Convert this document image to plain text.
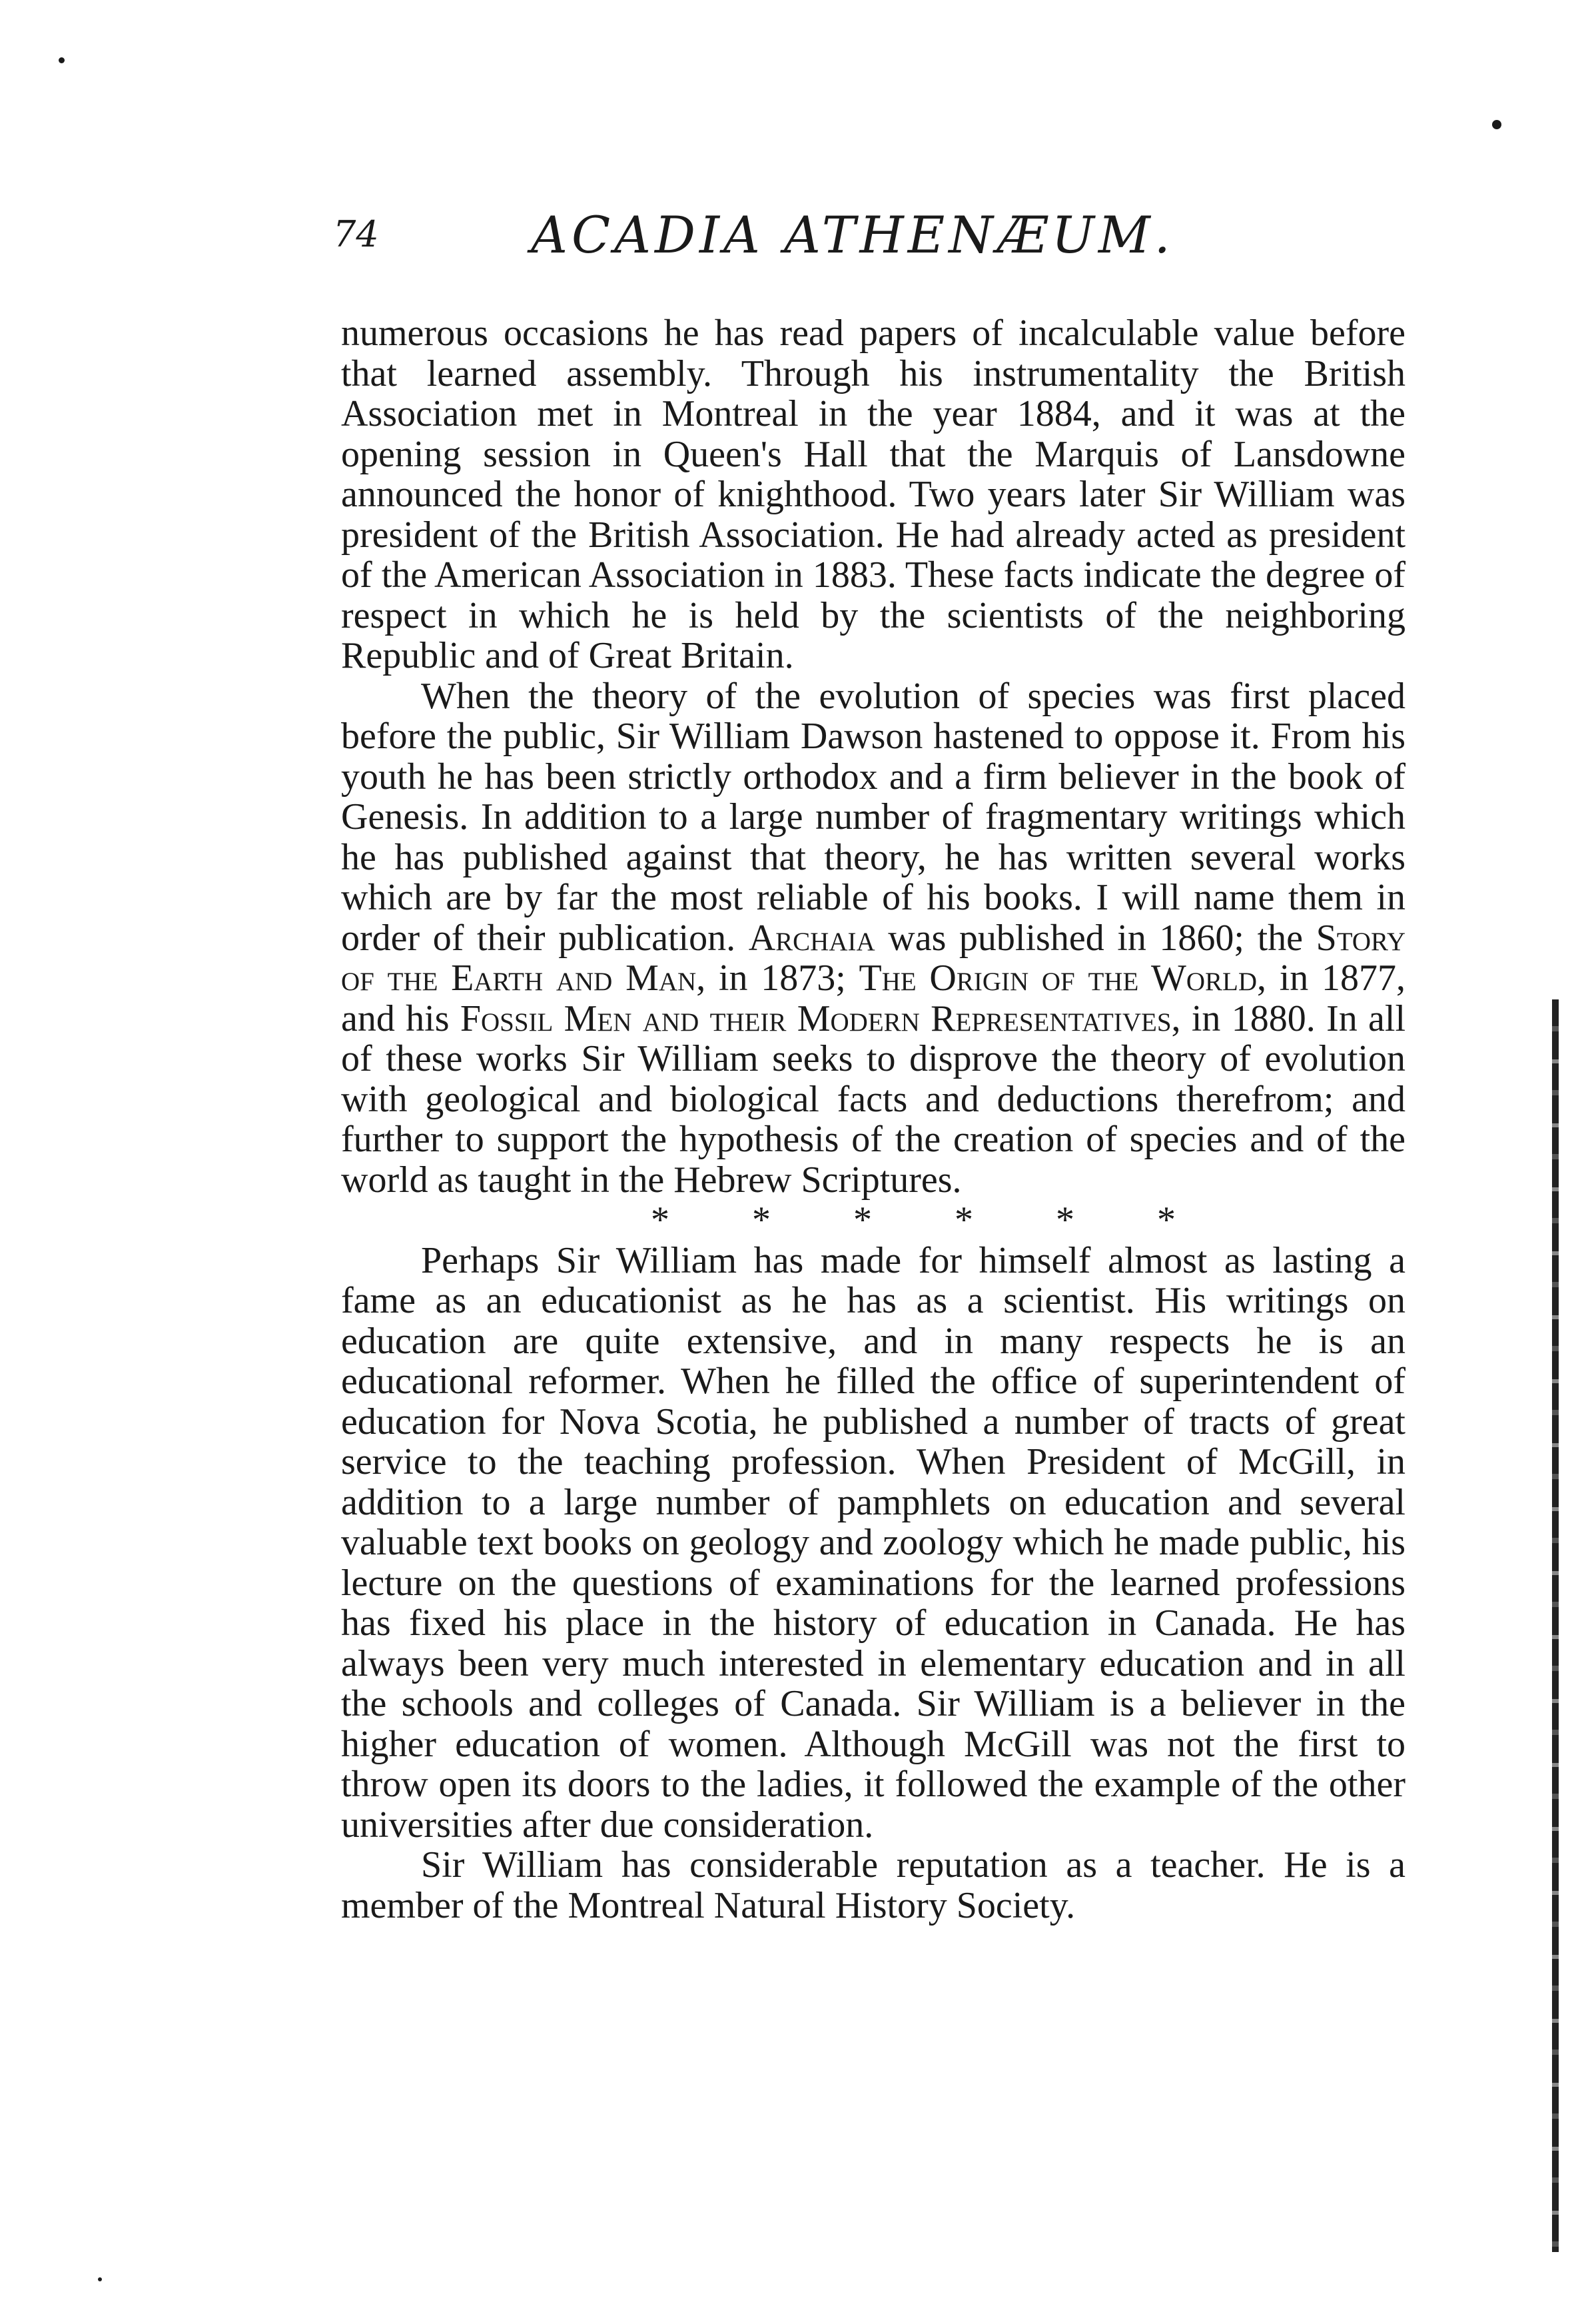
74	ACADIA ATHENÆUM.

numerous occasions he has read papers of incalculable value before that learned assembly. Through his instrumentality the British Association met in Montreal in the year 1884, and it was at the opening session in Queen's Hall that the Marquis of Lansdowne announced the honor of knighthood. Two years later Sir William was president of the British Association. He had already acted as president of the American Association in 1883. These facts indicate the degree of respect in which he is held by the scientists of the neighboring Republic and of Great Britain.

When the theory of the evolution of species was first placed before the public, Sir William Dawson hastened to oppose it. From his youth he has been strictly orthodox and a firm believer in the book of Genesis. In addition to a large number of fragmentary writings which he has published against that theory, he has written several works which are by far the most reliable of his books. I will name them in order of their publication. Archaia was published in 1860; the Story of the Earth and Man, in 1873; The Origin of the World, in 1877, and his Fossil Men and their Modern Representatives, in 1880. In all of these works Sir William seeks to disprove the theory of evolution with geological and biological facts and deductions therefrom; and further to support the hypothesis of the creation of species and of the world as taught in the Hebrew Scriptures.

* * * * * *

Perhaps Sir William has made for himself almost as lasting a fame as an educationist as he has as a scientist. His writings on education are quite extensive, and in many respects he is an educational reformer. When he filled the office of superintendent of education for Nova Scotia, he published a number of tracts of great service to the teaching profession. When President of McGill, in addition to a large number of pamphlets on education and several valuable text books on geology and zoology which he made public, his lecture on the questions of examinations for the learned professions has fixed his place in the history of education in Canada. He has always been very much interested in elementary education and in all the schools and colleges of Canada. Sir William is a believer in the higher education of women. Although McGill was not the first to throw open its doors to the ladies, it followed the example of the other universities after due consideration.

Sir William has considerable reputation as a teacher. He is a member of the Montreal Natural History Society.
